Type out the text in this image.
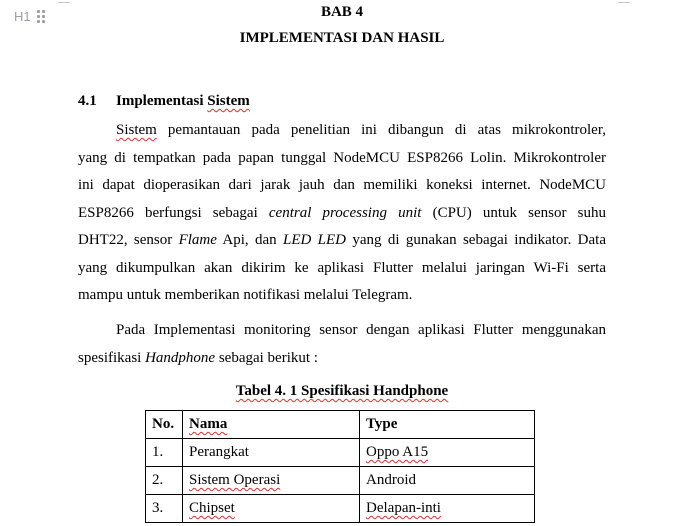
H1	BAB 4
IMPLEMENTASI DAN HASIL
4.1 Implementasi Sistem
Sistem pemantauan pada penelitian ini dibangun di atas mikrokontroler,
yang di tempatkan pada papan tunggal NodeMCU ESP8266 Lolin. Mikrokontroler
ini dapat dioperasikan dari jarak jauh dan memiliki koneksi internet. NodeMCU
ESP8266 berfungsi sebagai central processing unit (CPU) untuk sensor suhu
DHT22, sensor Flame Api, dan LED LED yang di gunakan sebagai indikator. Data
yang dikumpulkan akan dikirim ke aplikasi Flutter melalui jaringan Wi-Fi serta
mampu untuk memberikan notifikasi melalui Telegram.
Pada Implementasi monitoring sensor dengan aplikasi Flutter menggunakan
spesifikasi Handphone sebagai berikut :
Tabel 4. 1 Spesifikasi Handphone
No.	Nama	Type
1.	Perangkat	Oppo A15
2.	Sistem Operasi	Android
3.	Chipset	Delapan-inti
